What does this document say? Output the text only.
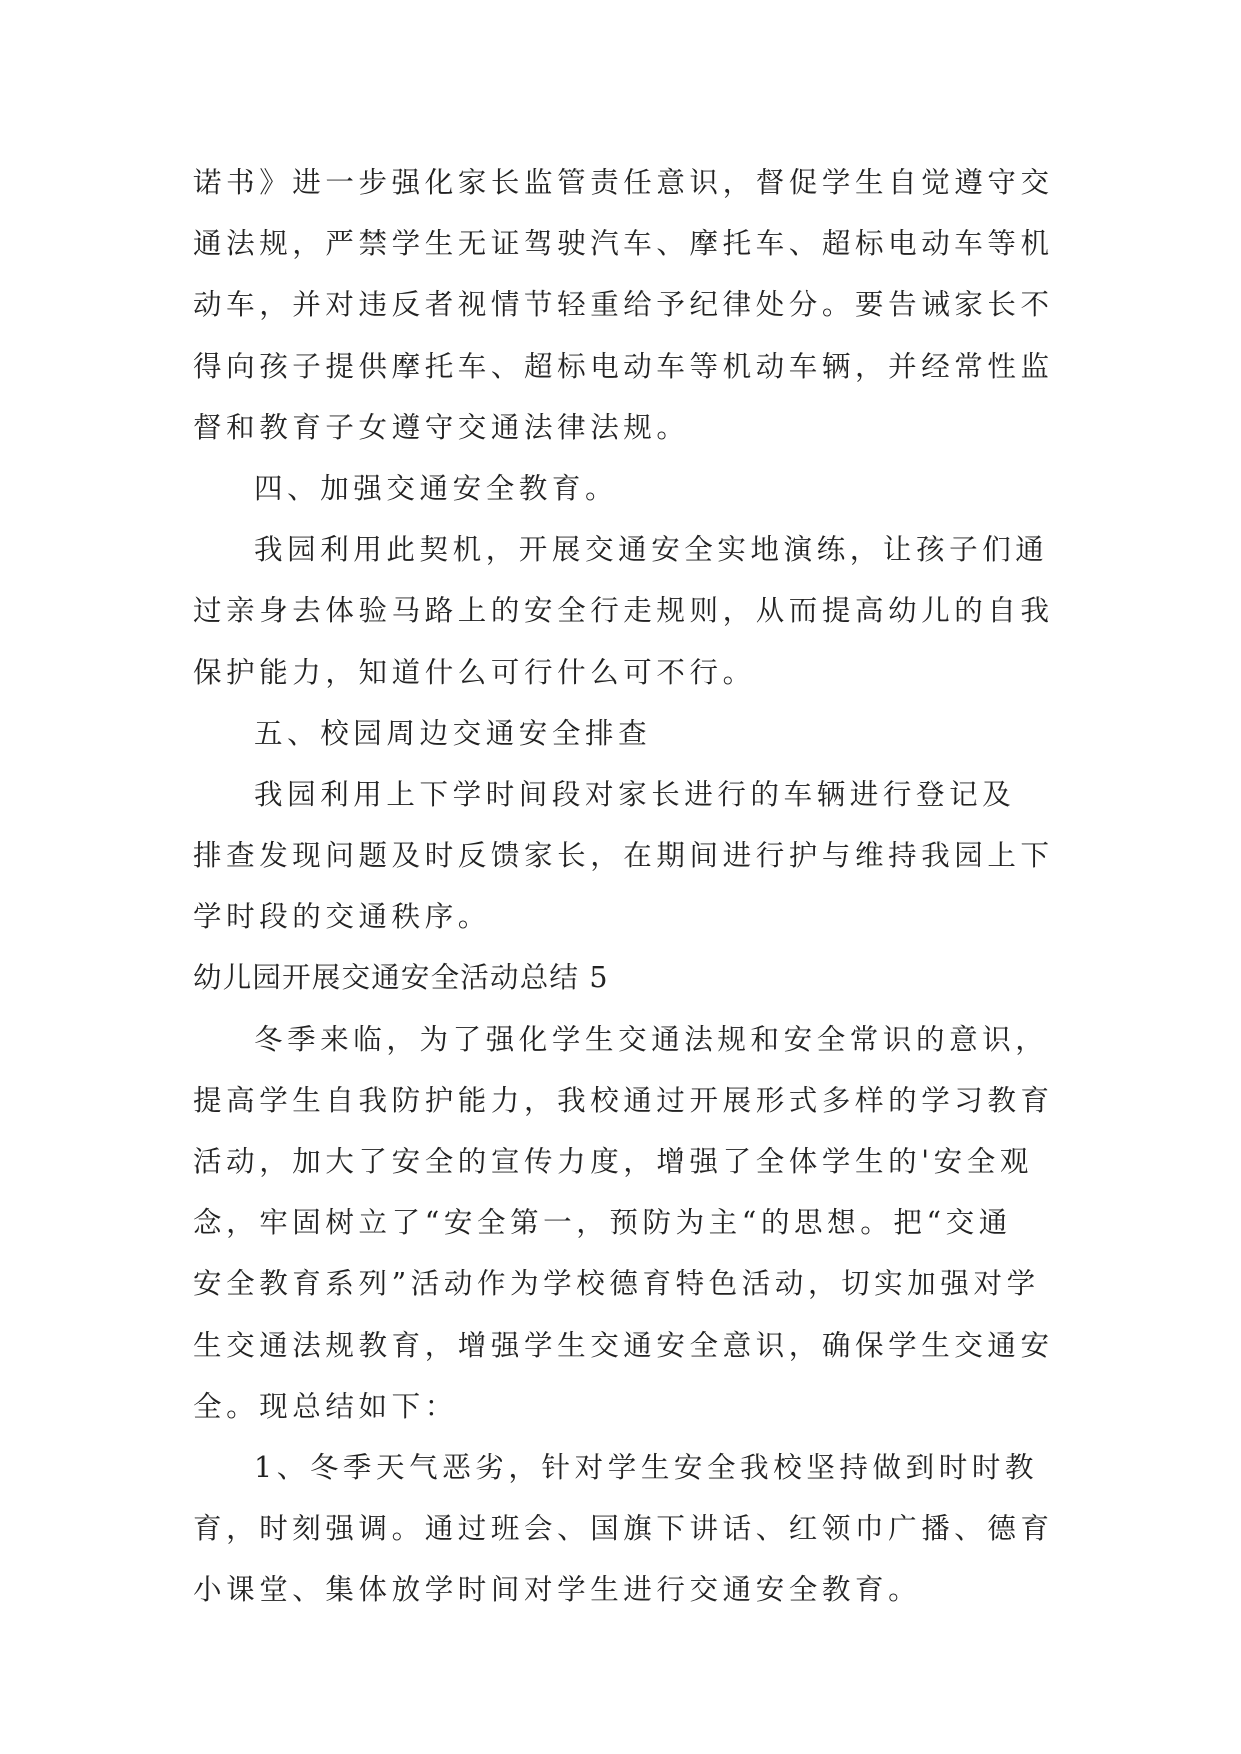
诺书》进一步强化家长监管责任意识，督促学生自觉遵守交
通法规，严禁学生无证驾驶汽车、摩托车、超标电动车等机
动车，并对违反者视情节轻重给予纪律处分。要告诫家长不
得向孩子提供摩托车、超标电动车等机动车辆，并经常性监
督和教育子女遵守交通法律法规。
四、加强交通安全教育。
我园利用此契机，开展交通安全实地演练，让孩子们通
过亲身去体验马路上的安全行走规则，从而提高幼儿的自我
保护能力，知道什么可行什么可不行。
五、校园周边交通安全排查
我园利用上下学时间段对家长进行的车辆进行登记及
排查发现问题及时反馈家长，在期间进行护与维持我园上下
学时段的交通秩序。
幼儿园开展交通安全活动总结 5
冬季来临，为了强化学生交通法规和安全常识的意识，
提高学生自我防护能力，我校通过开展形式多样的学习教育
活动，加大了安全的宣传力度，增强了全体学生的'安全观
念，牢固树立了“安全第一，预防为主“的思想。把“交通
安全教育系列”活动作为学校德育特色活动，切实加强对学
生交通法规教育，增强学生交通安全意识，确保学生交通安
全。现总结如下：
1、冬季天气恶劣，针对学生安全我校坚持做到时时教
育，时刻强调。通过班会、国旗下讲话、红领巾广播、德育
小课堂、集体放学时间对学生进行交通安全教育。
